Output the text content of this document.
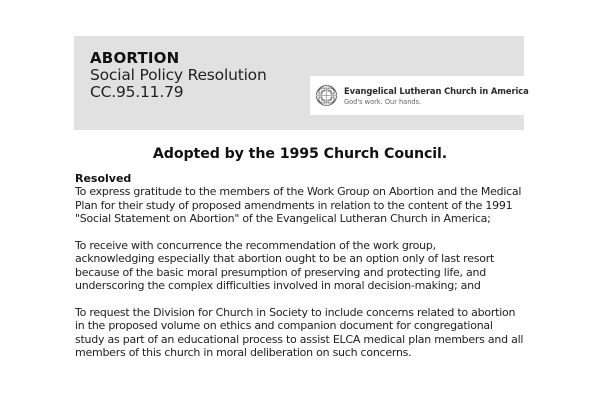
ABORTION
Social Policy Resolution
CC.95.11.79	Evangelical Lutheran Church in America
God's work. Our hands.
Adopted by the 1995 Church Council.
Resolved

To express gratitude to the members of the Work Group on Abortion and the Medical
Plan for their study of proposed amendments in relation to the content of the 1991
"Social Statement on Abortion" of the Evangelical Lutheran Church in America;

To receive with concurrence the recommendation of the work group,
acknowledging especially that abortion ought to be an option only of last resort
because of the basic moral presumption of preserving and protecting life, and
underscoring the complex difficulties involved in moral decision-making; and

To request the Division for Church in Society to include concerns related to abortion
in the proposed volume on ethics and companion document for congregational
study as part of an educational process to assist ELCA medical plan members and all
members of this church in moral deliberation on such concerns.
